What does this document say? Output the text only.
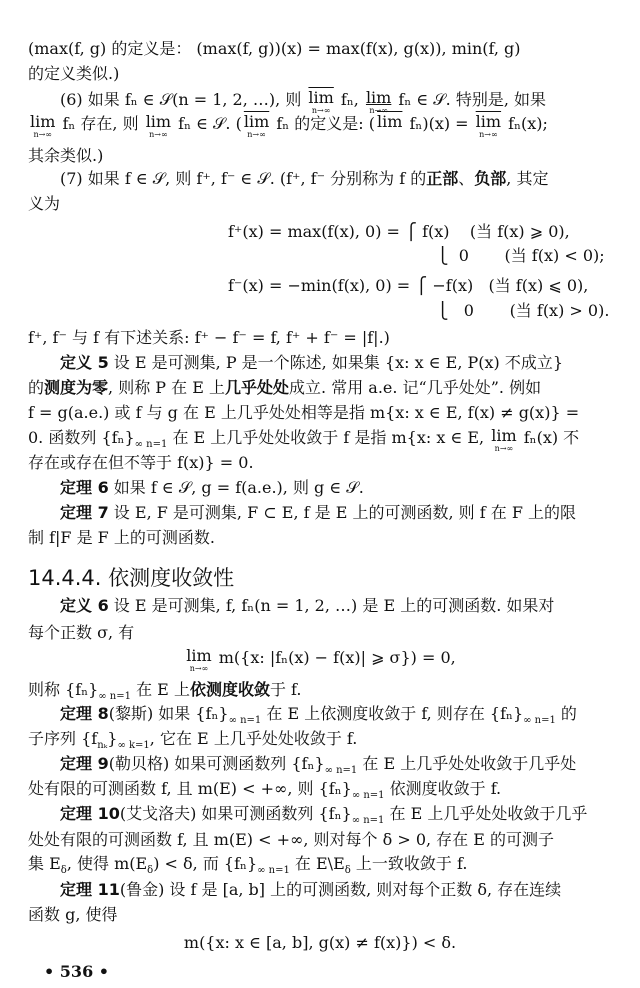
14.4.4. 依测度收敛性
• 536 •
(max(f, g) 的定义是： (max(f, g))(x) = max(f(x), g(x)), min(f, g)
的定义类似.)
(6) 如果 fₙ ∈ 𝒮(n = 1, 2, …), 则 $\overline{lim}$
n→∞
fₙ, lim
n→∞
fₙ ∈ 𝒮. 特别是, 如果
lim
n→∞
fₙ 存在, 则 lim
n→∞
fₙ ∈ 𝒮. ( $\overline{lim}$
n→∞
fₙ 的定义是: ( $\overline{lim}$ $f_n)(x) = \overline{lim}$
n→∞
fₙ(x);
其余类似.)
(7) 如果 f ∈ 𝒮, 则 f⁺, f⁻ ∈ 𝒮. (f⁺, f⁻ 分别称为 f 的正部、负部, 其定
义为
f⁺(x) = max(f(x), 0) = ⎧ f(x)    (当 f(x) ⩾ 0),
⎩  0       (当 f(x) < 0);
f⁻(x) = −min(f(x), 0) = ⎧ −f(x)   (当 f(x) ⩽ 0),
⎩   0       (当 f(x) > 0).
f⁺, f⁻ 与 f 有下述关系: f⁺ − f⁻ = f, f⁺ + f⁻ = |f|.)
定义 5 设 E 是可测集, P 是一个陈述, 如果集 {x: x ∈ E, P(x) 不成立}
的测度为零, 则称 P 在 E 上几乎处处成立. 常用 a.e. 记“几乎处处”. 例如
f = g(a.e.) 或 f 与 g 在 E 上几乎处处相等是指 m{x: x ∈ E, f(x) ≠ g(x)} =
0. 函数列 $\{f_n\}_{\infty n=1}$ 在 E 上几乎处处收敛于 f 是指 m{x: x ∈ E, lim
n→∞
fₙ(x) 不
存在或存在但不等于 f(x)} = 0.
定理 6 如果 f ∈ 𝒮, g = f(a.e.), 则 g ∈ 𝒮.
定理 7 设 E, F 是可测集, F ⊂ E, f 是 E 上的可测函数, 则 f 在 F 上的限
制 f|F 是 F 上的可测函数.
定义 6 设 E 是可测集, f, fₙ(n = 1, 2, …) 是 E 上的可测函数. 如果对
每个正数 σ, 有
lim
n→∞
m({x: |fₙ(x) − f(x)| ⩾ σ}) = 0,
则称 $\{f_n\}_{\infty n=1}$ 在 E 上依测度收敛于 f.
定理 8(黎斯) 如果 $\{f_n\}_{\infty n=1}$ 在 E 上依测度收敛于 f, 则存在 $\{f_n\}_{\infty n=1}$ 的
子序列 $\{f_{n_k}\}_{\infty k=1}$, 它在 E 上几乎处处收敛于 f.
定理 9(勒贝格) 如果可测函数列 $\{f_n\}_{\infty n=1}$ 在 E 上几乎处处收敛于几乎处
处有限的可测函数 f, 且 m(E) < +∞, 则 $\{f_n\}_{\infty n=1}$ 依测度收敛于 f.
定理 10(艾戈洛夫) 如果可测函数列 $\{f_n\}_{\infty n=1}$ 在 E 上几乎处处收敛于几乎
处处有限的可测函数 f, 且 m(E) < +∞, 则对每个 δ > 0, 存在 E 的可测子
集 $E_\delta$, 使得 $m(E_\delta) < \delta$, 而 $\{f_n\}_{\infty n=1}$ 在 $E\backslash E_\delta$ 上一致收敛于 f.
定理 11(鲁金) 设 f 是 [a, b] 上的可测函数, 则对每个正数 δ, 存在连续
函数 g, 使得
m({x: x ∈ [a, b], g(x) ≠ f(x)}) < δ.
